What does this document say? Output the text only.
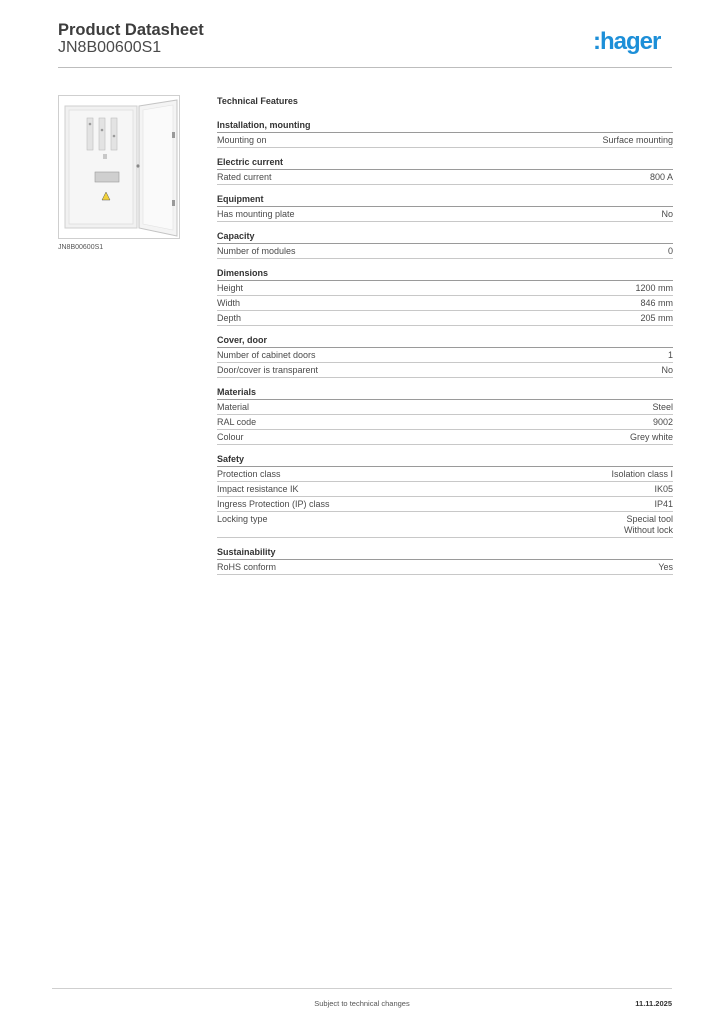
Product Datasheet
JN8B00600S1	:hager
JN8B00600S1
Technical Features
Installation, mounting
Mounting on	Surface mounting
Electric current
Rated current	800 A
Equipment
Has mounting plate	No
Capacity
Number of modules	0
Dimensions
Height	1200 mm
Width	846 mm
Depth	205 mm
Cover, door
Number of cabinet doors	1
Door/cover is transparent	No
Materials
Material	Steel
RAL code	9002
Colour	Grey white
Safety
Protection class	Isolation class I
Impact resistance IK	IK05
Ingress Protection (IP) class	IP41
Locking type	Special tool
Without lock
Sustainability
RoHS conform	Yes
Subject to technical changes	11.11.2025
